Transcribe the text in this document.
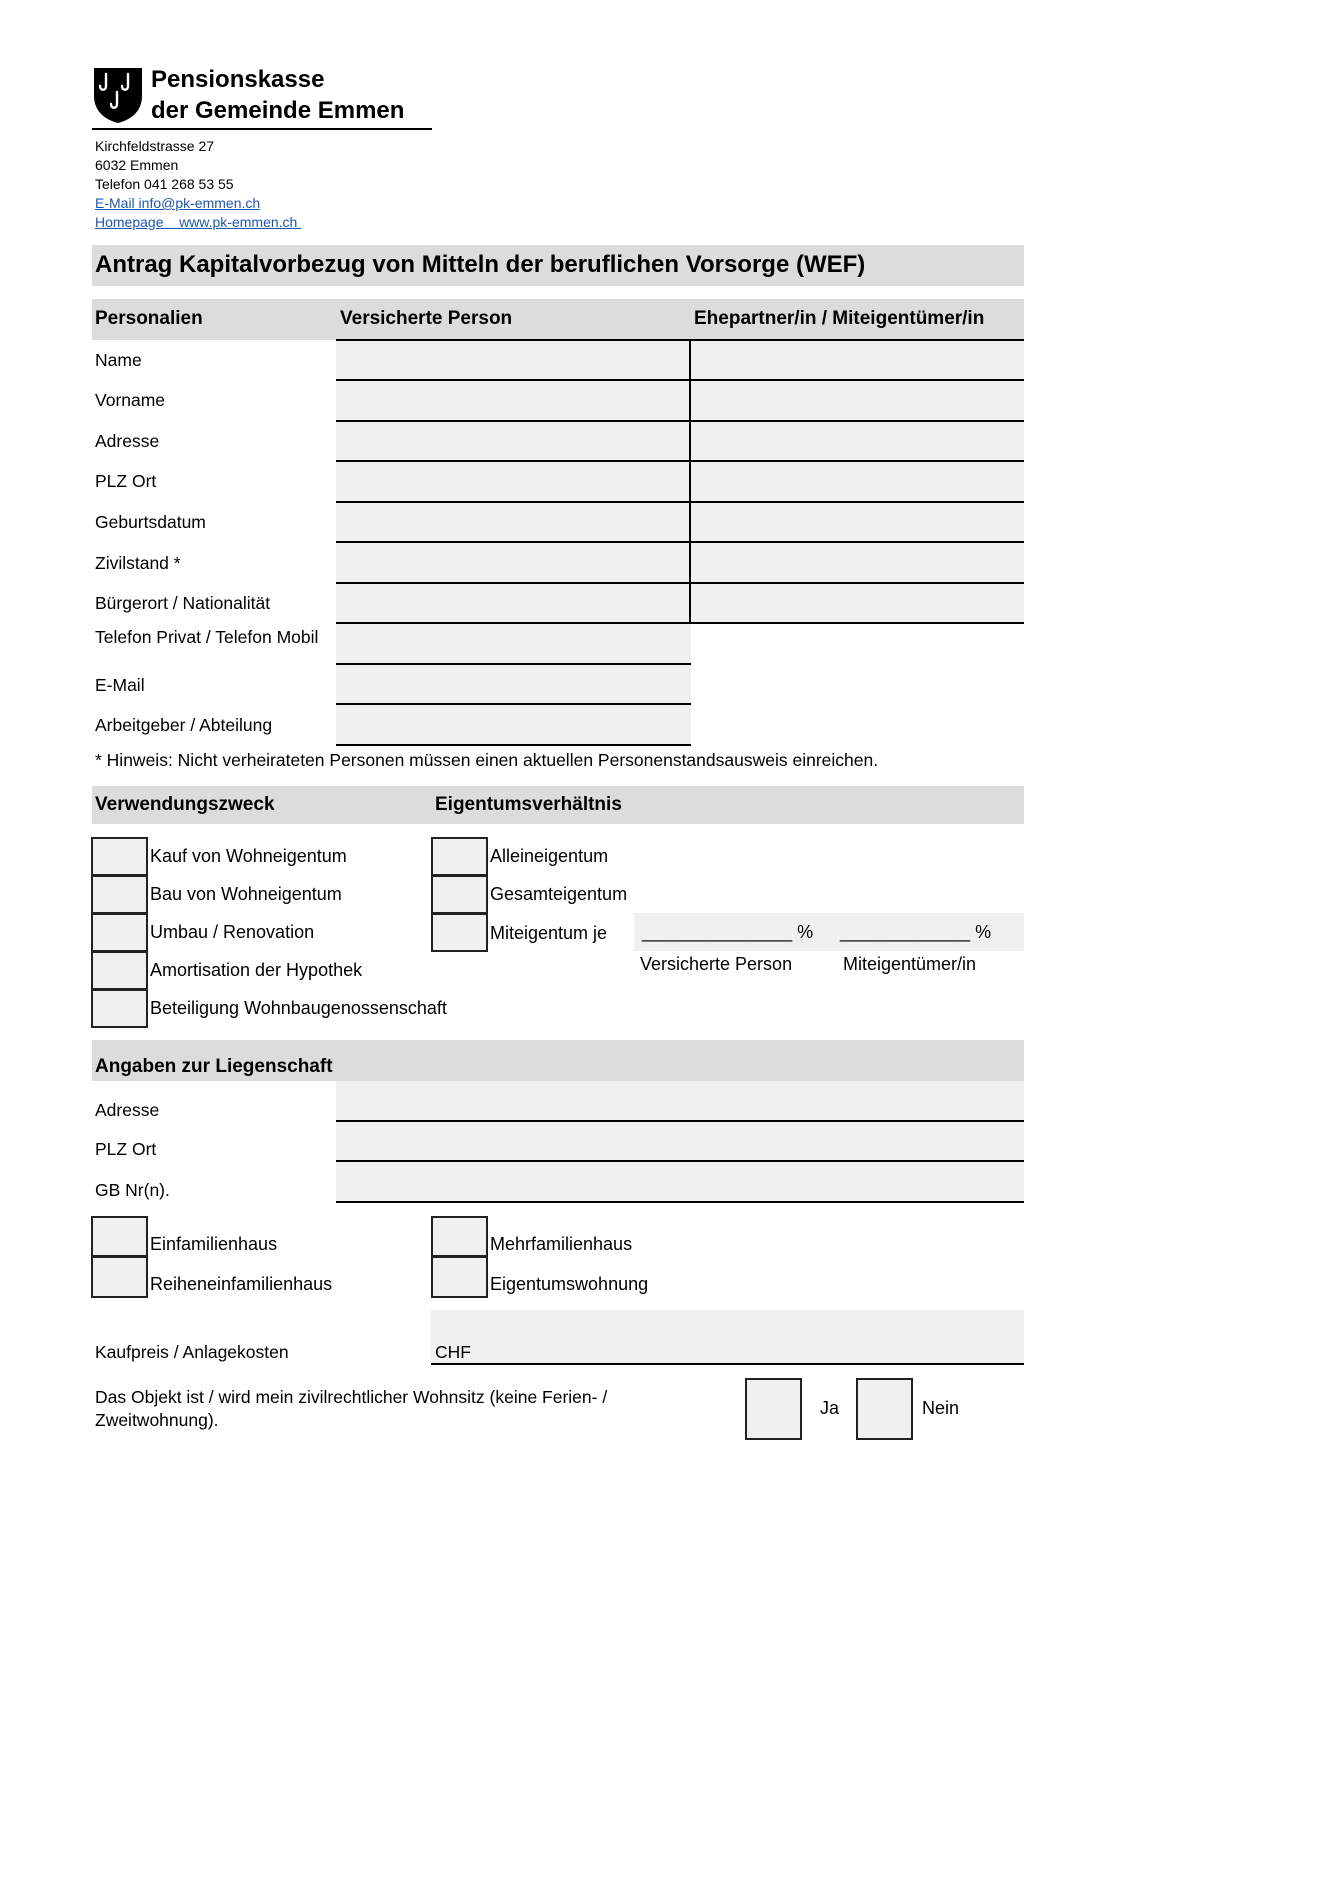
Pensionskasse
der Gemeinde Emmen
Kirchfeldstrasse 27
6032 Emmen
Telefon 041 268 53 55
E-Mail info@pk-emmen.ch
Homepage www.pk-emmen.ch
Antrag Kapitalvorbezug von Mitteln der beruflichen Vorsorge (WEF)
Personalien	Versicherte Person	Ehepartner/in / Miteigentümer/in
Name
Vorname
Adresse
PLZ Ort
Geburtsdatum
Zivilstand *
Bürgerort / Nationalität
Telefon Privat / Telefon Mobil
E-Mail
Arbeitgeber / Abteilung
* Hinweis: Nicht verheirateten Personen müssen einen aktuellen Personenstandsausweis einreichen.
Verwendungszweck	Eigentumsverhältnis
Kauf von Wohneigentum
Bau von Wohneigentum
Umbau / Renovation
Amortisation der Hypothek
Beteiligung Wohnbaugenossenschaft
Alleineigentum
Gesamteigentum
Miteigentum je _______________ % _____________ %
Versicherte Person	Miteigentümer/in
Angaben zur Liegenschaft
Adresse
PLZ Ort
GB Nr(n).
Einfamilienhaus
Reiheneinfamilienhaus
Mehrfamilienhaus
Eigentumswohnung
Kaufpreis / Anlagekosten	CHF
Das Objekt ist / wird mein zivilrechtlicher Wohnsitz (keine Ferien- / Zweitwohnung).
Ja	Nein
